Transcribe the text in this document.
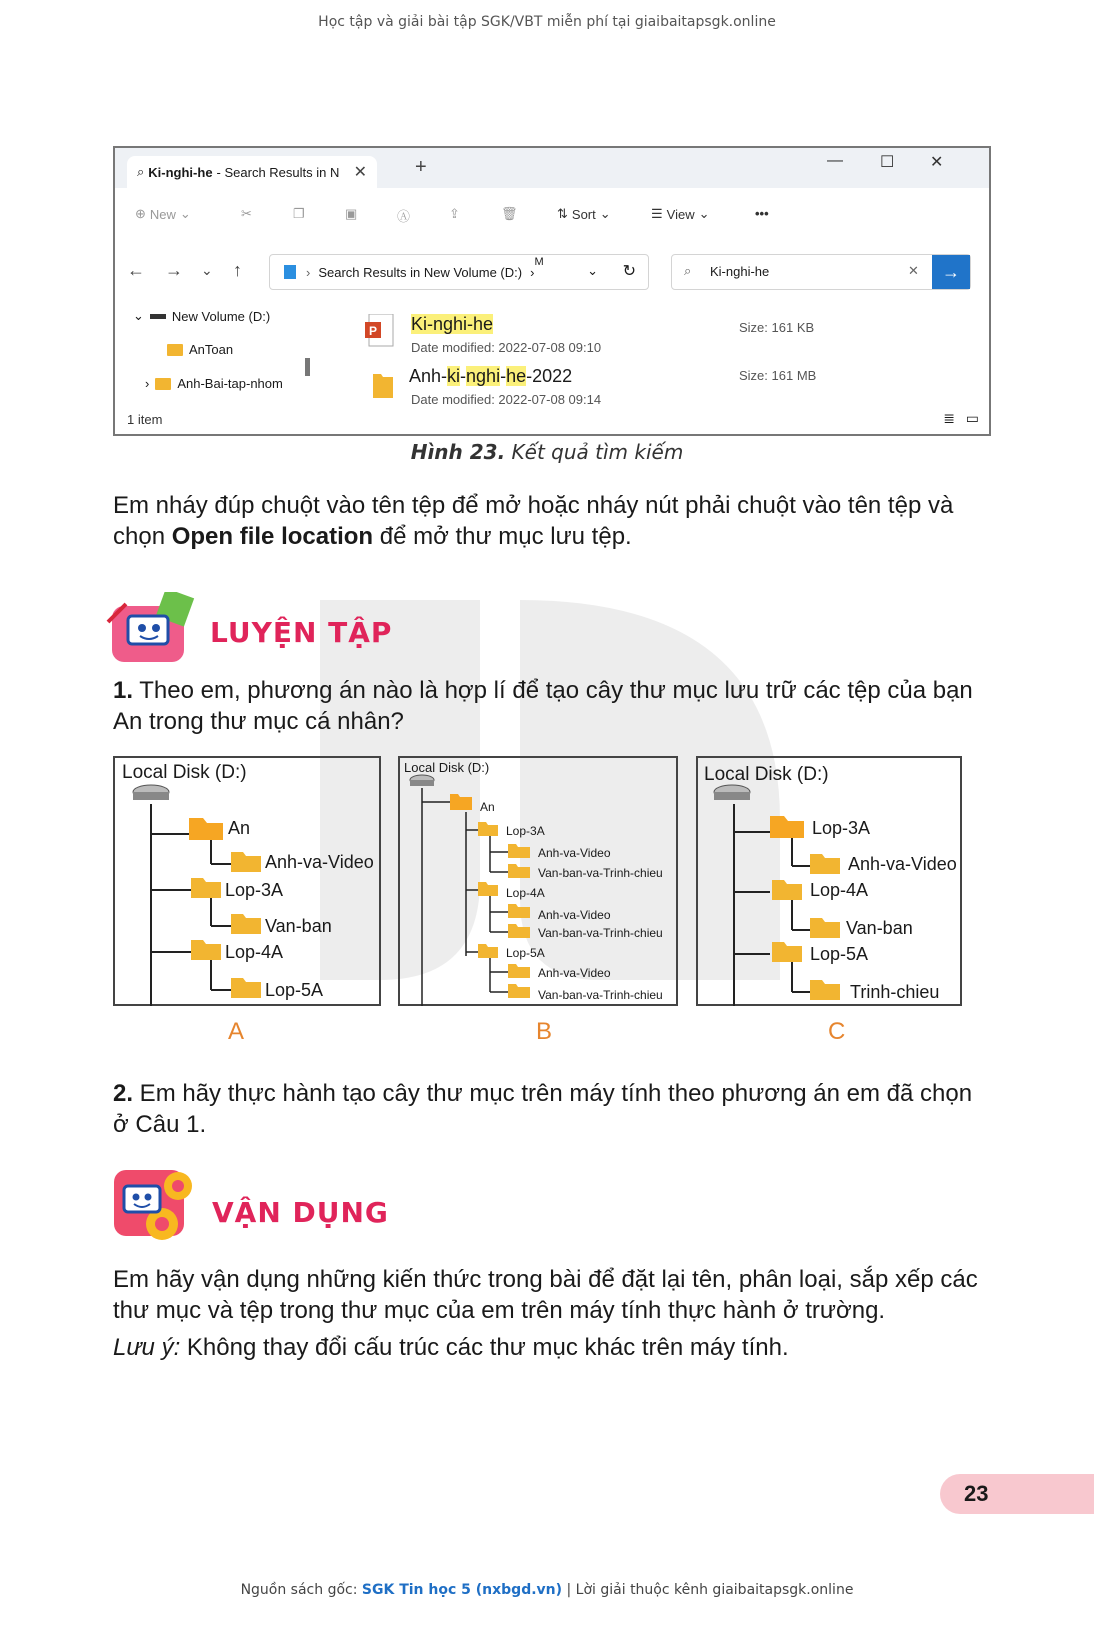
Học tập và giải bài tập SGK/VBT miễn phí tại giaibaitapsgk.online
⌕ Ki-nghi-he - Search Results in N ✕ +	— ☐ ✕
⊕ New ⌄	✂	❐	▣	Ⓐ	⇪	🗑	⇅ Sort ⌄	☰ View ⌄	•••
← → ⌄ ↑	› Search Results in New Volume (D:) ›
M
⌄ ↻	⌕ Ki-nghi-he	✕ →
⌄ New Volume (D:)
AnToan
› Anh-Bai-tap-nhom
P Ki-nghi-he
Date modified: 2022-07-08 09:10
Size: 161 KB
Anh-ki-nghi-he-2022
Date modified: 2022-07-08 09:14
Size: 161 MB
1 item	≣ ▭
Hình 23. Kết quả tìm kiếm
Em nháy đúp chuột vào tên tệp để mở hoặc nháy nút phải chuột vào tên tệp và chọn Open file location để mở thư mục lưu tệp.
LUYỆN TẬP
1. Theo em, phương án nào là hợp lí để tạo cây thư mục lưu trữ các tệp của bạn An trong thư mục cá nhân?
Local Disk (D:)
An
Anh-va-Video
Lop-3A
Van-ban
Lop-4A
Lop-5A
A
Local Disk (D:)
An
Lop-3A
Anh-va-Video
Van-ban-va-Trinh-chieu
Lop-4A
Anh-va-Video
Van-ban-va-Trinh-chieu
Lop-5A
Anh-va-Video
Van-ban-va-Trinh-chieu
B
Local Disk (D:)
Lop-3A
Anh-va-Video
Lop-4A
Van-ban
Lop-5A
Trinh-chieu
C
2. Em hãy thực hành tạo cây thư mục trên máy tính theo phương án em đã chọn ở Câu 1.
VẬN DỤNG
Em hãy vận dụng những kiến thức trong bài để đặt lại tên, phân loại, sắp xếp các thư mục và tệp trong thư mục của em trên máy tính thực hành ở trường.
Lưu ý: Không thay đổi cấu trúc các thư mục khác trên máy tính.
23
Nguồn sách gốc: SGK Tin học 5 (nxbgd.vn) | Lời giải thuộc kênh giaibaitapsgk.online
